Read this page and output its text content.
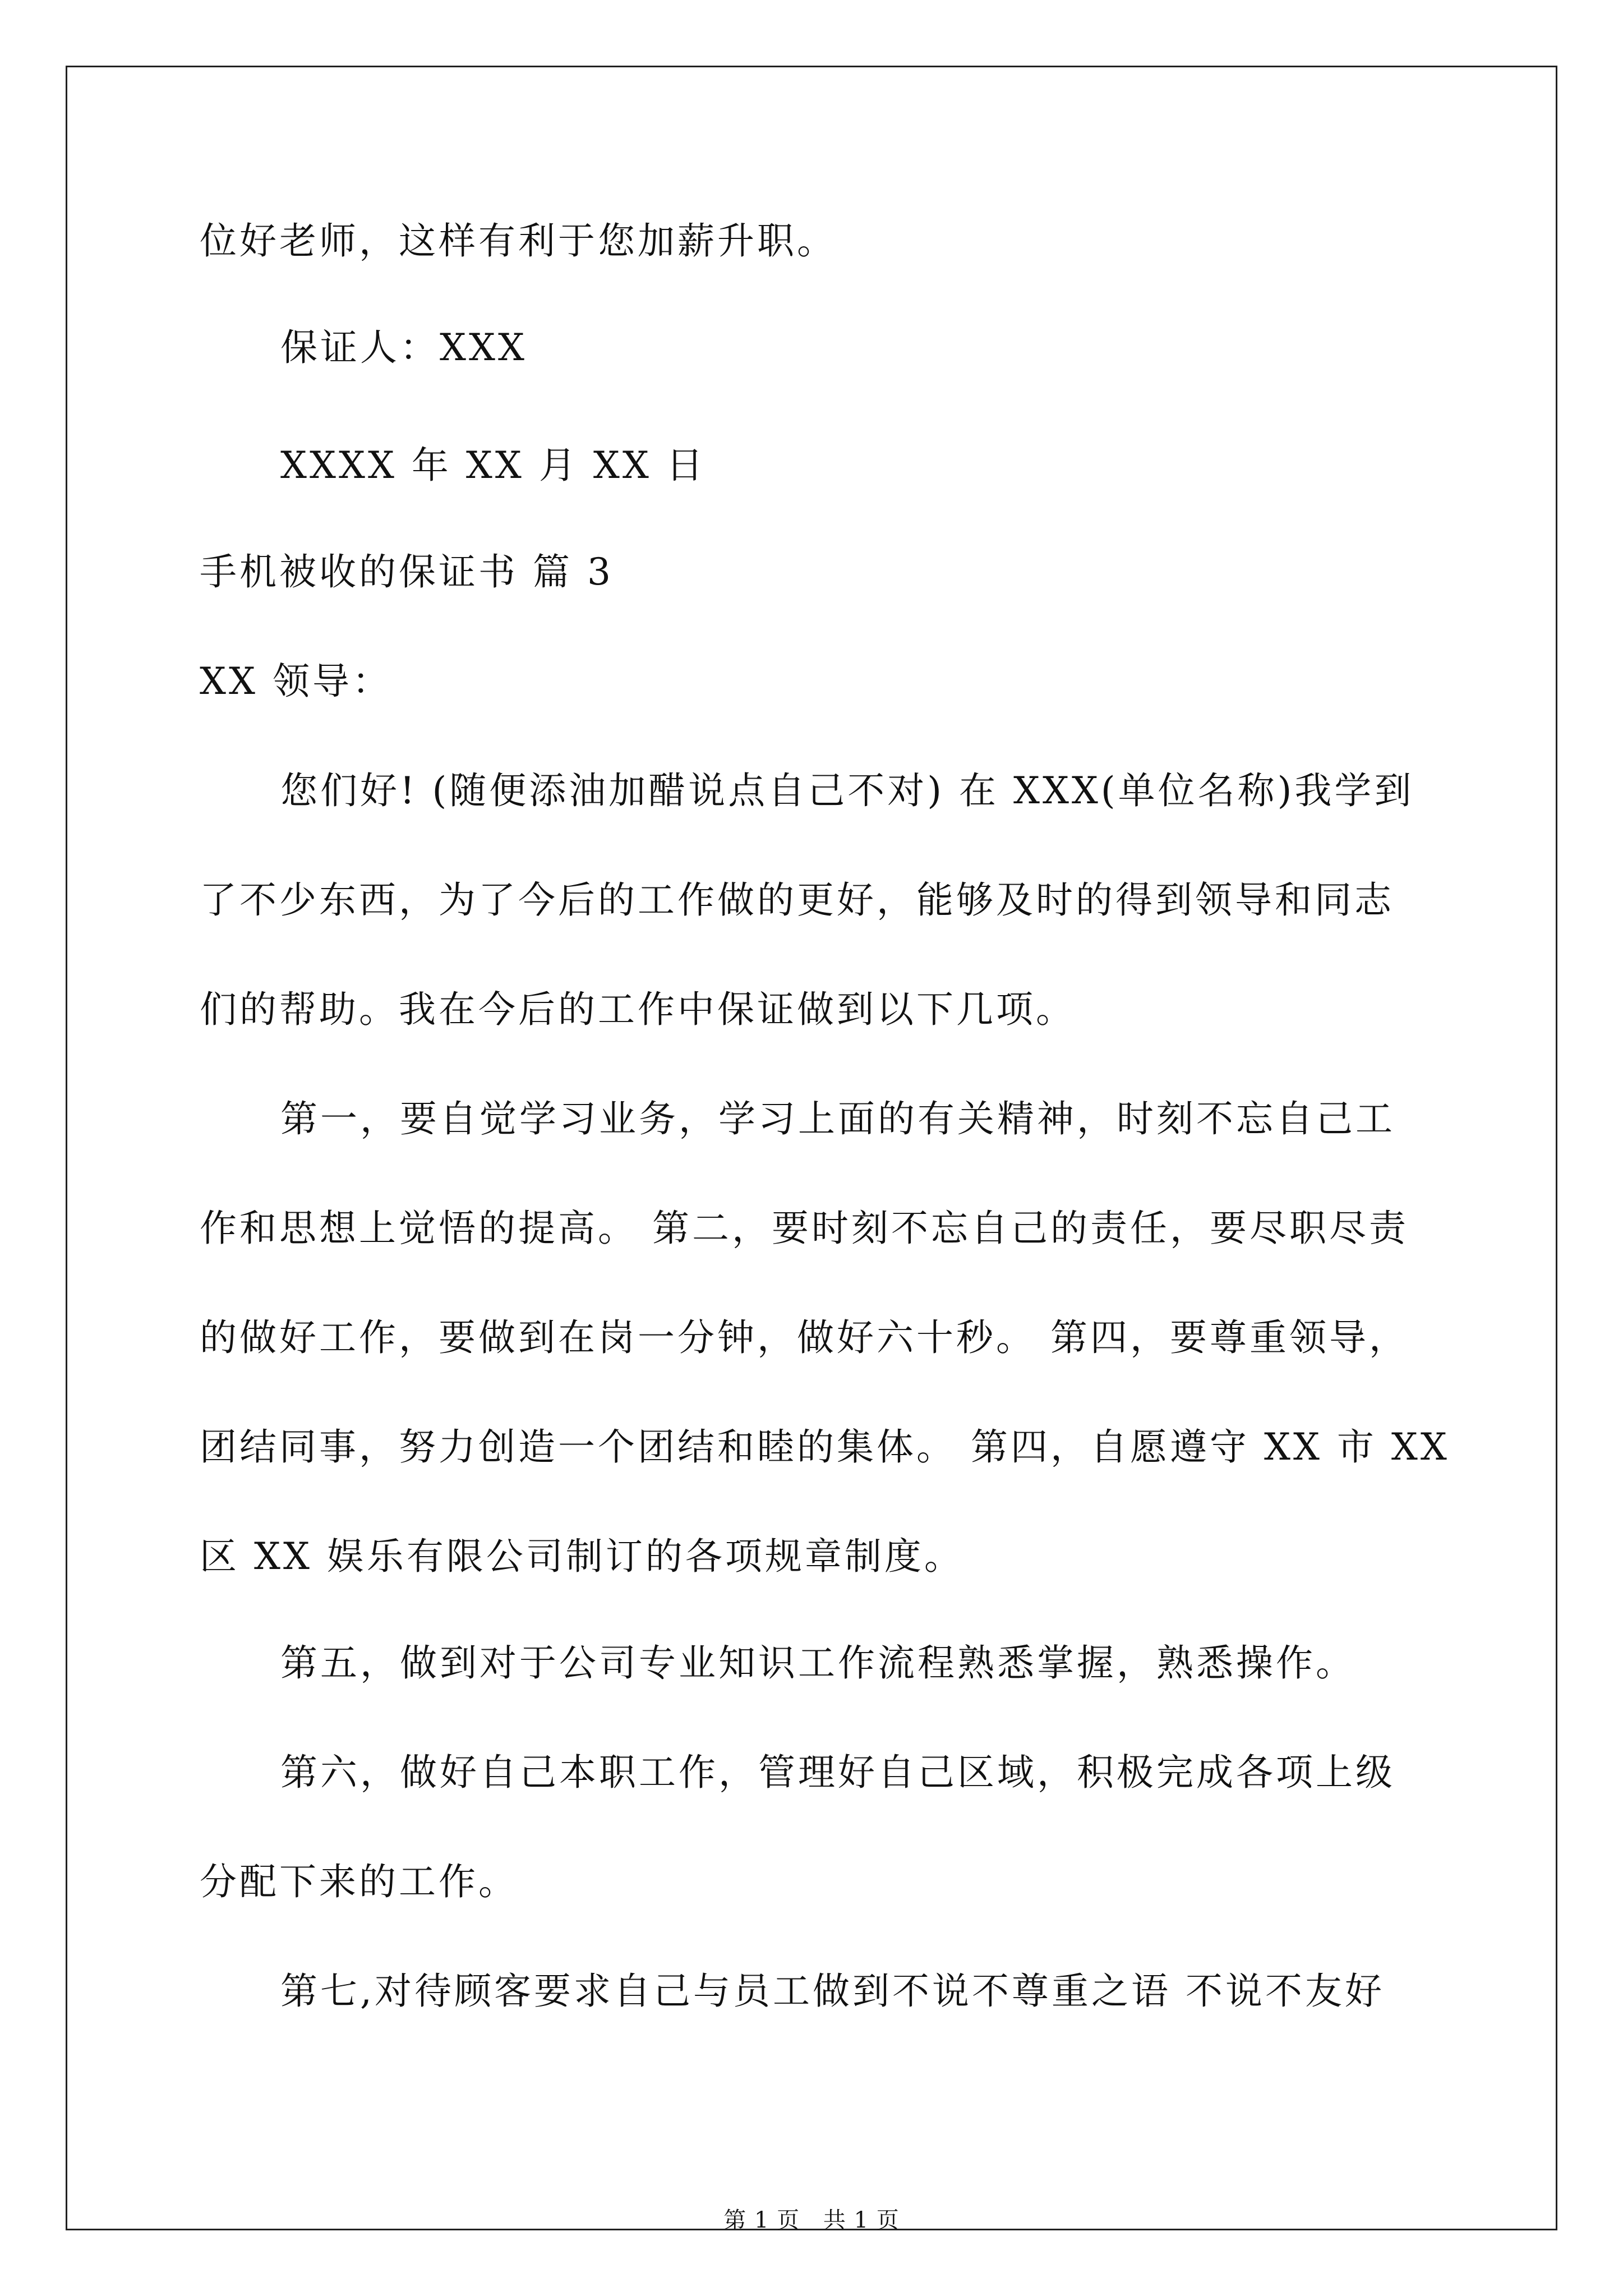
位好老师，这样有利于您加薪升职。
保证人：XXX
XXXX 年 XX 月 XX 日
手机被收的保证书 篇 3
XX 领导：
您们好! (随便添油加醋说点自己不对) 在 XXX(单位名称)我学到
了不少东西，为了今后的工作做的更好，能够及时的得到领导和同志
们的帮助。我在今后的工作中保证做到以下几项。
第一，要自觉学习业务，学习上面的有关精神，时刻不忘自己工
作和思想上觉悟的提高。 第二，要时刻不忘自己的责任，要尽职尽责
的做好工作，要做到在岗一分钟，做好六十秒。 第四，要尊重领导，
团结同事，努力创造一个团结和睦的集体。 第四，自愿遵守 XX 市 XX
区 XX 娱乐有限公司制订的各项规章制度。
第五，做到对于公司专业知识工作流程熟悉掌握，熟悉操作。
第六，做好自己本职工作，管理好自己区域，积极完成各项上级
分配下来的工作。
第七,对待顾客要求自己与员工做到不说不尊重之语 不说不友好
第 1 页 共 1 页
